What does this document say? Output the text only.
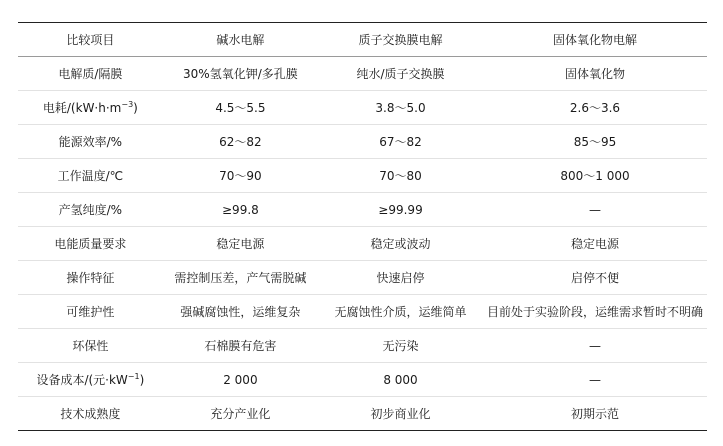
比较项目	碱水电解	质子交换膜电解	固体氧化物电解
电解质/隔膜	30%氢氧化钾/多孔膜	纯水/质子交换膜	固体氧化物
电耗$/(kW\cdot h\cdot m^{-3})$	4.5～5.5	3.8～5.0	2.6～3.6
能源效率/%	62～82	67～82	85～95
工作温度/℃	70～90	70～80	800～1 000
产氢纯度/%	≥99.8	≥99.99	—
电能质量要求	稳定电源	稳定或波动	稳定电源
操作特征	需控制压差，产气需脱碱	快速启停	启停不便
可维护性	强碱腐蚀性，运维复杂	无腐蚀性介质，运维简单	目前处于实验阶段，运维需求暂时不明确
环保性	石棉膜有危害	无污染	—
设备成本/(元$\cdot kW^{-1}$)	2 000	8 000	—
技术成熟度	充分产业化	初步商业化	初期示范
